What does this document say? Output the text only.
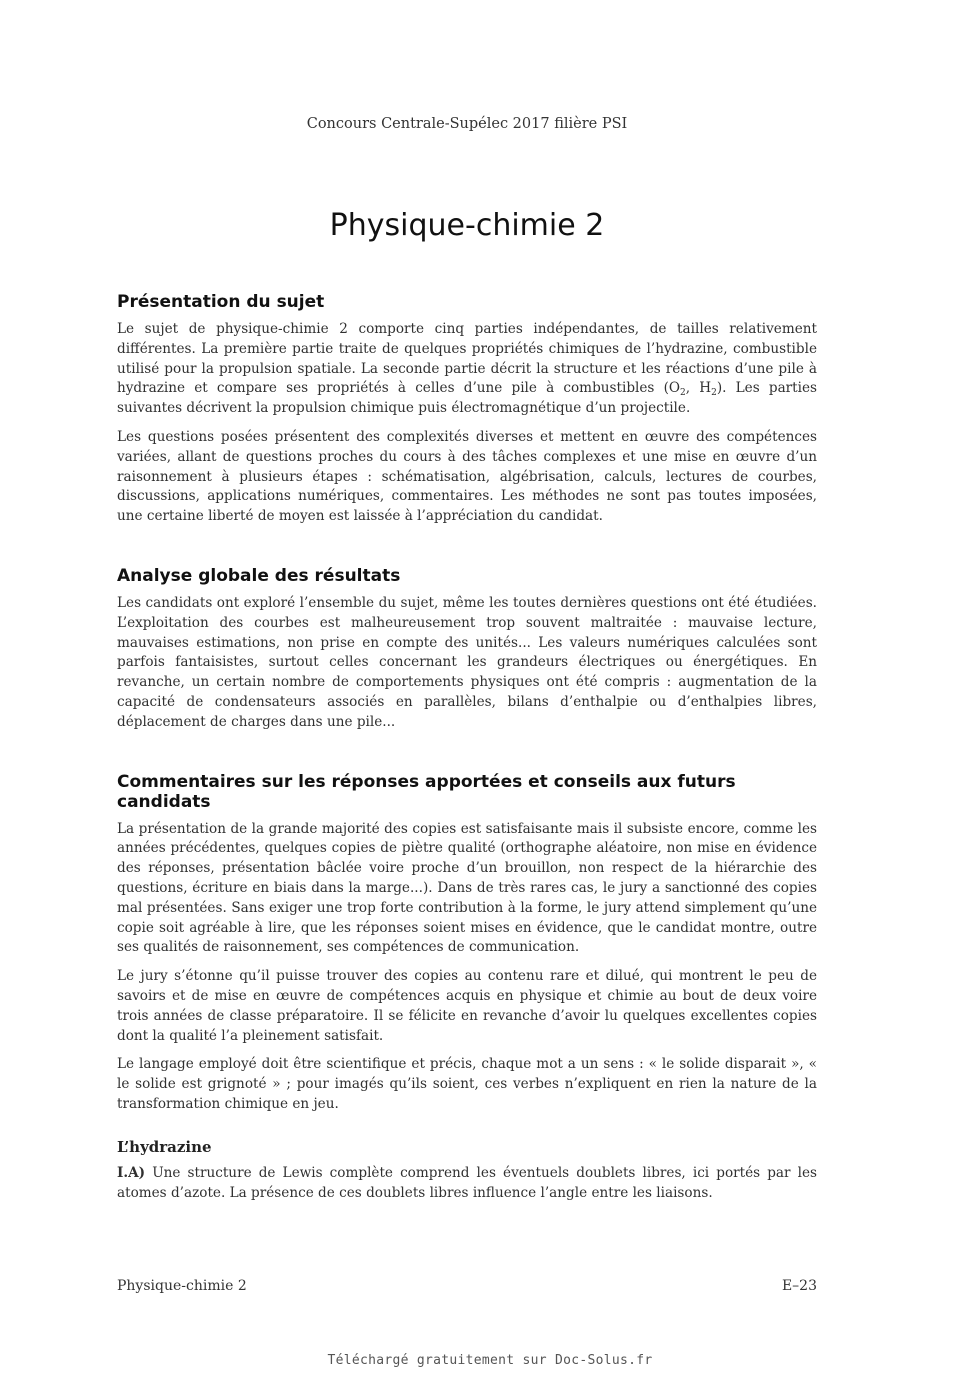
Concours Centrale-Supélec 2017 filière PSI
Physique-chimie 2
Présentation du sujet

Le sujet de physique-chimie 2 comporte cinq parties indépendantes, de tailles relativement différentes. La première partie traite de quelques propriétés chimiques de l’hydrazine, combustible utilisé pour la propulsion spatiale. La seconde partie décrit la structure et les réactions d’une pile à hydrazine et compare ses propriétés à celles d’une pile à combustibles ($O_2$, $H_2$). Les parties suivantes décrivent la propulsion chimique puis électromagnétique d’un projectile.

Les questions posées présentent des complexités diverses et mettent en œuvre des compétences variées, allant de questions proches du cours à des tâches complexes et une mise en œuvre d’un raisonnement à plusieurs étapes : schématisation, algébrisation, calculs, lectures de courbes, discussions, applications numériques, commentaires. Les méthodes ne sont pas toutes imposées, une certaine liberté de moyen est laissée à l’appréciation du candidat.

Analyse globale des résultats

Les candidats ont exploré l’ensemble du sujet, même les toutes dernières questions ont été étudiées. L’exploitation des courbes est malheureusement trop souvent maltraitée : mauvaise lecture, mauvaises estimations, non prise en compte des unités... Les valeurs numériques calculées sont parfois fantaisistes, surtout celles concernant les grandeurs électriques ou énergétiques. En revanche, un certain nombre de comportements physiques ont été compris : augmentation de la capacité de condensateurs associés en parallèles, bilans d’enthalpie ou d’enthalpies libres, déplacement de charges dans une pile...

Commentaires sur les réponses apportées et conseils aux futurs candidats

La présentation de la grande majorité des copies est satisfaisante mais il subsiste encore, comme les années précédentes, quelques copies de piètre qualité (orthographe aléatoire, non mise en évidence des réponses, présentation bâclée voire proche d’un brouillon, non respect de la hiérarchie des questions, écriture en biais dans la marge...). Dans de très rares cas, le jury a sanctionné des copies mal présentées. Sans exiger une trop forte contribution à la forme, le jury attend simplement qu’une copie soit agréable à lire, que les réponses soient mises en évidence, que le candidat montre, outre ses qualités de raisonnement, ses compétences de communication.

Le jury s’étonne qu’il puisse trouver des copies au contenu rare et dilué, qui montrent le peu de savoirs et de mise en œuvre de compétences acquis en physique et chimie au bout de deux voire trois années de classe préparatoire. Il se félicite en revanche d’avoir lu quelques excellentes copies dont la qualité l’a pleinement satisfait.

Le langage employé doit être scientifique et précis, chaque mot a un sens : « le solide disparait », « le solide est grignoté » ; pour imagés qu’ils soient, ces verbes n’expliquent en rien la nature de la transformation chimique en jeu.

L’hydrazine

I.A) Une structure de Lewis complète comprend les éventuels doublets libres, ici portés par les atomes d’azote. La présence de ces doublets libres influence l’angle entre les liaisons.

Physique-chimie 2	E–23
Téléchargé gratuitement sur Doc-Solus.fr
